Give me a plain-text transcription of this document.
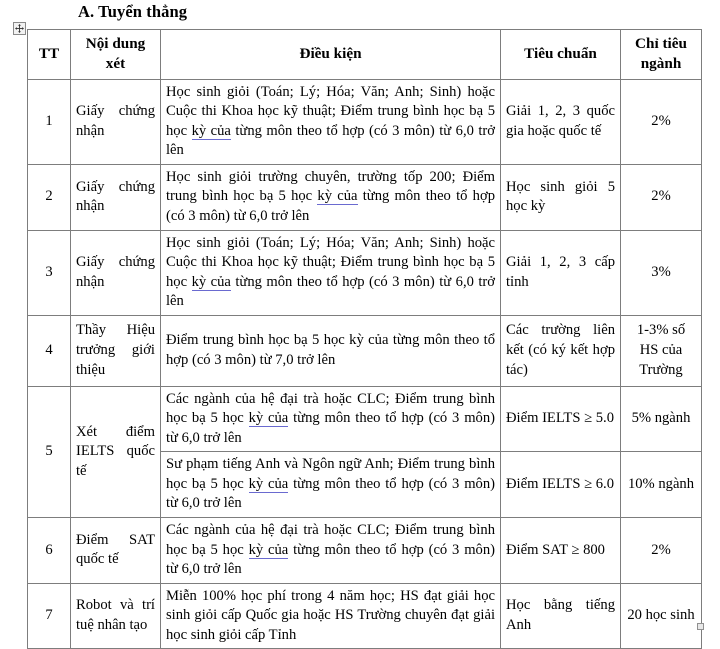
A. Tuyển thẳng
TT	Nội dung xét	Điều kiện	Tiêu chuẩn	Chỉ tiêu ngành
1	Giấy chứng nhận	Học sinh giỏi (Toán; Lý; Hóa; Văn; Anh; Sinh) hoặc Cuộc thi Khoa học kỹ thuật; Điểm trung bình học bạ 5 học kỳ của từng môn theo tổ hợp (có 3 môn) từ 6,0 trở lên	Giải 1, 2, 3 quốc gia hoặc quốc tế	2%
2	Giấy chứng nhận	Học sinh giỏi trường chuyên, trường tốp 200; Điểm trung bình học bạ 5 học kỳ của từng môn theo tổ hợp (có 3 môn) từ 6,0 trở lên	Học sinh giỏi 5 học kỳ	2%
3	Giấy chứng nhận	Học sinh giỏi (Toán; Lý; Hóa; Văn; Anh; Sinh) hoặc Cuộc thi Khoa học kỹ thuật; Điểm trung bình học bạ 5 học kỳ của từng môn theo tổ hợp (có 3 môn) từ 6,0 trở lên	Giải 1, 2, 3 cấp tỉnh	3%
4	Thầy Hiệu trưởng giới thiệu	Điểm trung bình học bạ 5 học kỳ của từng môn theo tổ hợp (có 3 môn) từ 7,0 trở lên	Các trường liên kết (có ký kết hợp tác)	1-3% số HS của Trường
5	Xét điểm IELTS quốc tế	Các ngành của hệ đại trà hoặc CLC; Điểm trung bình học bạ 5 học kỳ của từng môn theo tổ hợp (có 3 môn) từ 6,0 trở lên	Điểm IELTS ≥ 5.0	5% ngành
		Sư phạm tiếng Anh và Ngôn ngữ Anh; Điểm trung bình học bạ 5 học kỳ của từng môn theo tổ hợp (có 3 môn) từ 6,0 trở lên	Điểm IELTS ≥ 6.0	10% ngành
6	Điểm SAT quốc tế	Các ngành của hệ đại trà hoặc CLC; Điểm trung bình học bạ 5 học kỳ của từng môn theo tổ hợp (có 3 môn) từ 6,0 trở lên	Điểm SAT ≥ 800	2%
7	Robot và trí tuệ nhân tạo	Miễn 100% học phí trong 4 năm học; HS đạt giải học sinh giỏi cấp Quốc gia hoặc HS Trường chuyên đạt giải học sinh giỏi cấp Tỉnh	Học bằng tiếng Anh	20 học sinh
